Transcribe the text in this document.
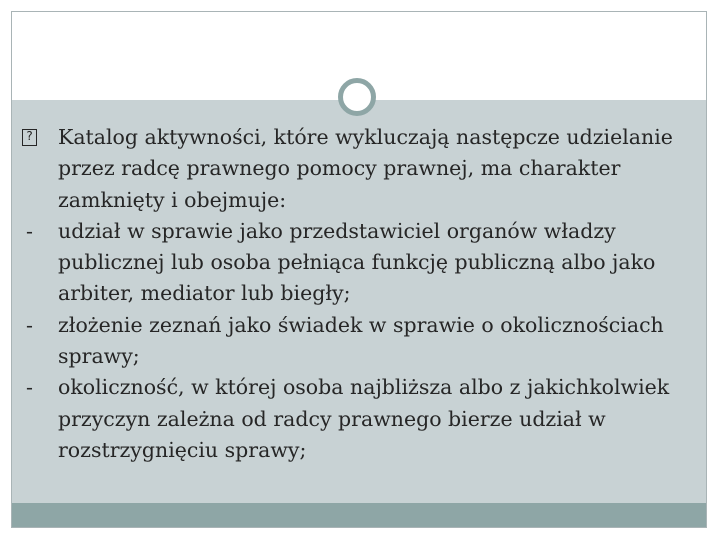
?
Katalog aktywności, które wykluczają następcze udzielanie przez radcę prawnego pomocy prawnej, ma charakter zamknięty i obejmuje:
-	udział w sprawie jako przedstawiciel organów władzy publicznej lub osoba pełniąca funkcję publiczną albo jako arbiter, mediator lub biegły;
-	złożenie zeznań jako świadek w sprawie o okolicznościach sprawy;
-	okoliczność, w której osoba najbliższa albo z jakichkolwiek przyczyn zależna od radcy prawnego bierze udział w rozstrzygnięciu sprawy;
